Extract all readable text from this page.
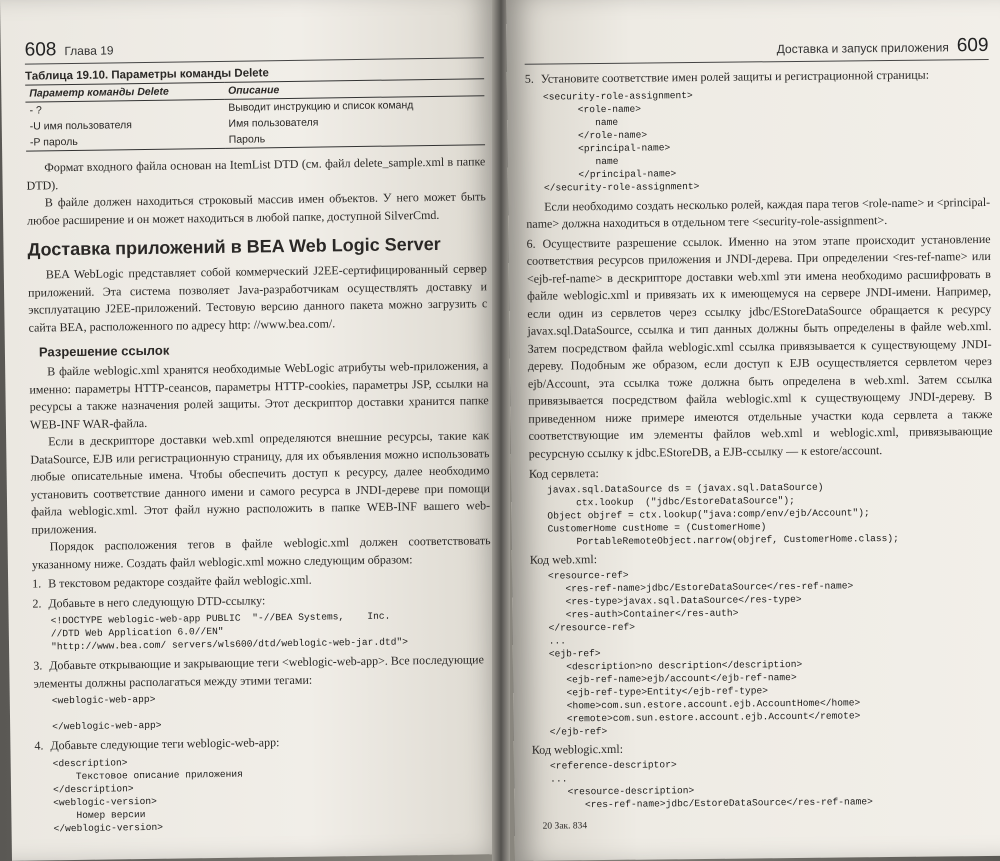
608 Глава 19
Таблица 19.10. Параметры команды Delete
Параметр команды Delete	Описание
- ?	Выводит инструкцию и список команд
-U имя пользователя	Имя пользователя
-P пароль	Пароль

Формат входного файла основан на ItemList DTD (см. файл delete_sample.xml в папке DTD).

В файле должен находиться строковый массив имен объектов. У него может быть любое расширение и он может находиться в любой папке, доступной SilverCmd.

Доставка приложений в BEA Web Logic Server

BEA WebLogic представляет собой коммерческий J2EE-сертифицированный сервер приложений. Эта система позволяет Java-разработчикам осуществлять доставку и эксплуатацию J2EE-приложений. Тестовую версию данного пакета можно загрузить с сайта BEA, расположенного по адресу http: //www.bea.com/.

Разрешение ссылок

В файле weblogic.xml хранятся необходимые WebLogic атрибуты web-приложения, а именно: параметры HTTP-сеансов, параметры HTTP-cookies, параметры JSP, ссылки на ресурсы а также назначения ролей защиты. Этот дескриптор доставки хранится папке WEB-INF WAR-файла.

Если в дескрипторе доставки web.xml определяются внешние ресурсы, такие как DataSource, EJB или регистрационную страницу, для их объявления можно использовать любые описательные имена. Чтобы обеспечить доступ к ресурсу, далее необходимо установить соответствие данного имени и самого ресурса в JNDI-дереве при помощи файла weblogic.xml. Этот файл нужно расположить в папке WEB-INF вашего web-приложения.

Порядок расположения тегов в файле weblogic.xml должен соответствовать указанному ниже. Создать файл weblogic.xml можно следующим образом:

1. В текстовом редакторе создайте файл weblogic.xml.
2. Добавьте в него следующую DTD-ссылку:
<!DOCTYPE weblogic-web-app PUBLIC  "-//BEA Systems,    Inc.
//DTD Web Application 6.0//EN"
"http://www.bea.com/ servers/wls600/dtd/weblogic-web-jar.dtd">
3. Добавьте открывающие и закрывающие теги <weblogic-web-app>. Все последующие элементы должны располагаться между этими тегами:
<weblogic-web-app>

</weblogic-web-app>
4. Добавьте следующие теги weblogic-web-app:
<description>
Текстовое описание приложения
</description>
<weblogic-version>
Номер версии
</weblogic-version>
Доставка и запуск приложения 609
5. Установите соответствие имен ролей защиты и регистрационной страницы:
<security-role-assignment>
<role-name>
name
</role-name>
<principal-name>
name
</principal-name>
</security-role-assignment>

Если необходимо создать несколько ролей, каждая пара тегов <role-name> и <principal-name> должна находиться в отдельном теге <security-role-assignment>.

6. Осуществите разрешение ссылок. Именно на этом этапе происходит установление соответствия ресурсов приложения и JNDI-дерева. При определении <res-ref-name> или <ejb-ref-name> в дескрипторе доставки web.xml эти имена необходимо расшифровать в файле weblogic.xml и привязать их к имеющемуся на сервере JNDI-имени. Например, если один из сервлетов через ссылку jdbc/EStoreDataSource обращается к ресурсу javax.sql.DataSource, ссылка и тип данных должны быть определены в файле web.xml. Затем посредством файла weblogic.xml ссылка привязывается к существующему JNDI-дереву. Подобным же образом, если доступ к EJB осуществляется сервлетом через ejb/Account, эта ссылка тоже должна быть определена в web.xml. Затем ссылка привязывается посредством файла weblogic.xml к существующему JNDI-дереву. В приведенном ниже примере имеются отдельные участки кода сервлета а также соответствующие им элементы файлов web.xml и weblogic.xml, привязывающие ресурсную ссылку к jdbc.EStoreDB, а EJB-ссылку — к estore/account.
Код сервлета:
javax.sql.DataSource ds = (javax.sql.DataSource)
ctx.lookup  ("jdbc/EstoreDataSource");
Object objref = ctx.lookup("java:comp/env/ejb/Account");
CustomerHome custHome = (CustomerHome)
PortableRemoteObject.narrow(objref, CustomerHome.class);
Код web.xml:
<resource-ref>
<res-ref-name>jdbc/EstoreDataSource</res-ref-name>
<res-type>javax.sql.DataSource</res-type>
<res-auth>Container</res-auth>
</resource-ref>
...
<ejb-ref>
<description>no description</description>
<ejb-ref-name>ejb/account</ejb-ref-name>
<ejb-ref-type>Entity</ejb-ref-type>
<home>com.sun.estore.account.ejb.AccountHome</home>
<remote>com.sun.estore.account.ejb.Account</remote>
</ejb-ref>
Код weblogic.xml:
<reference-descriptor>
...
<resource-description>
<res-ref-name>jdbc/EstoreDataSource</res-ref-name>
20 Зак. 834
